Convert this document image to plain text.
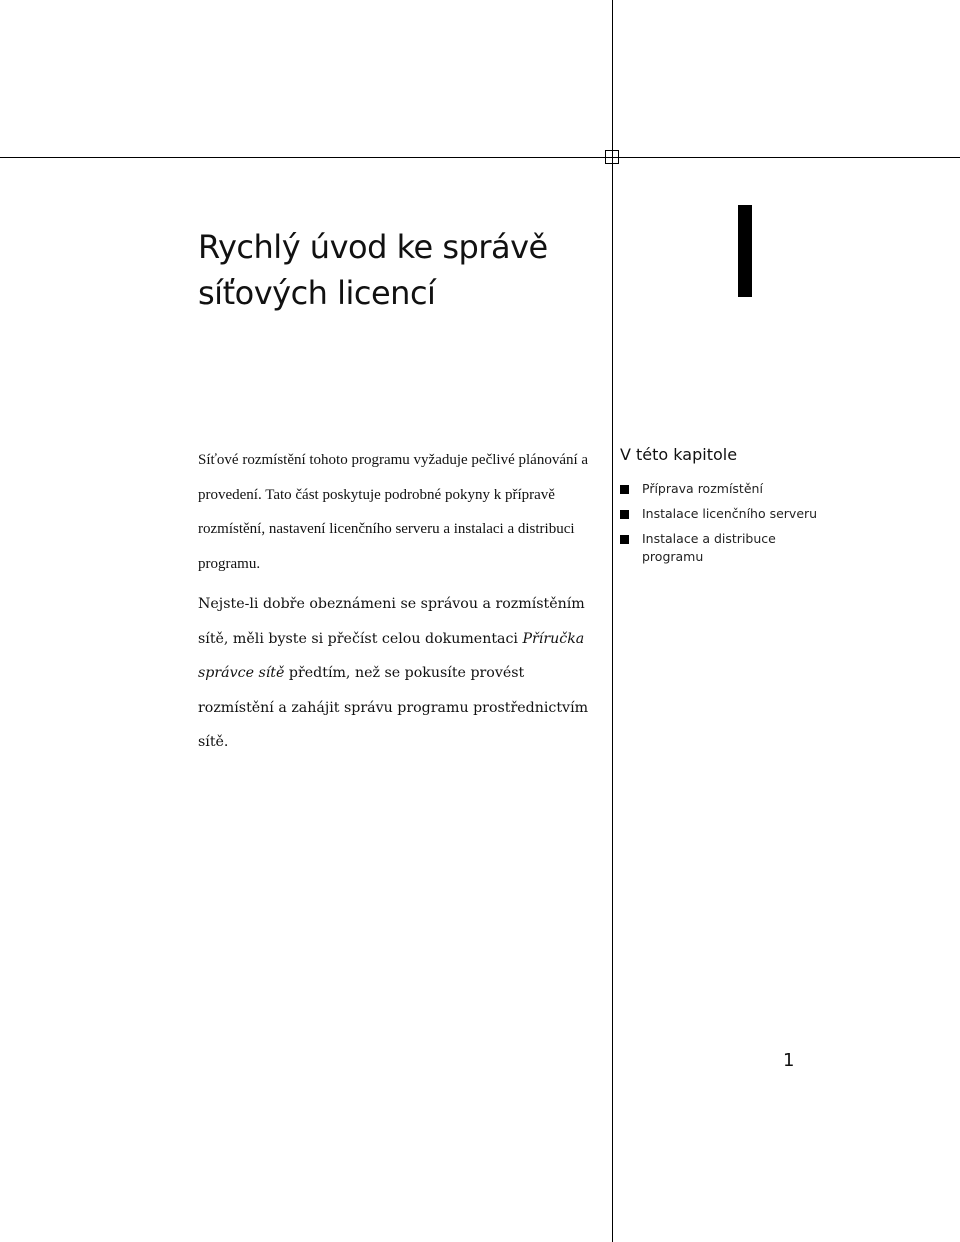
Rychlý úvod ke správě
síťových licencí

Síťové rozmístění tohoto programu vyžaduje pečlivé plánování a provedení. Tato část poskytuje podrobné pokyny k přípravě rozmístění, nastavení licenčního serveru a instalaci a distribuci programu.

Nejste-li dobře obeznámeni se správou a rozmístěním sítě, měli byste si přečíst celou dokumentaci Příručka správce sítě předtím, než se pokusíte provést rozmístění a zahájit správu programu prostřednictvím sítě.

V této kapitole
Příprava rozmístění
Instalace licenčního serveru
Instalace a distribuce programu
1
